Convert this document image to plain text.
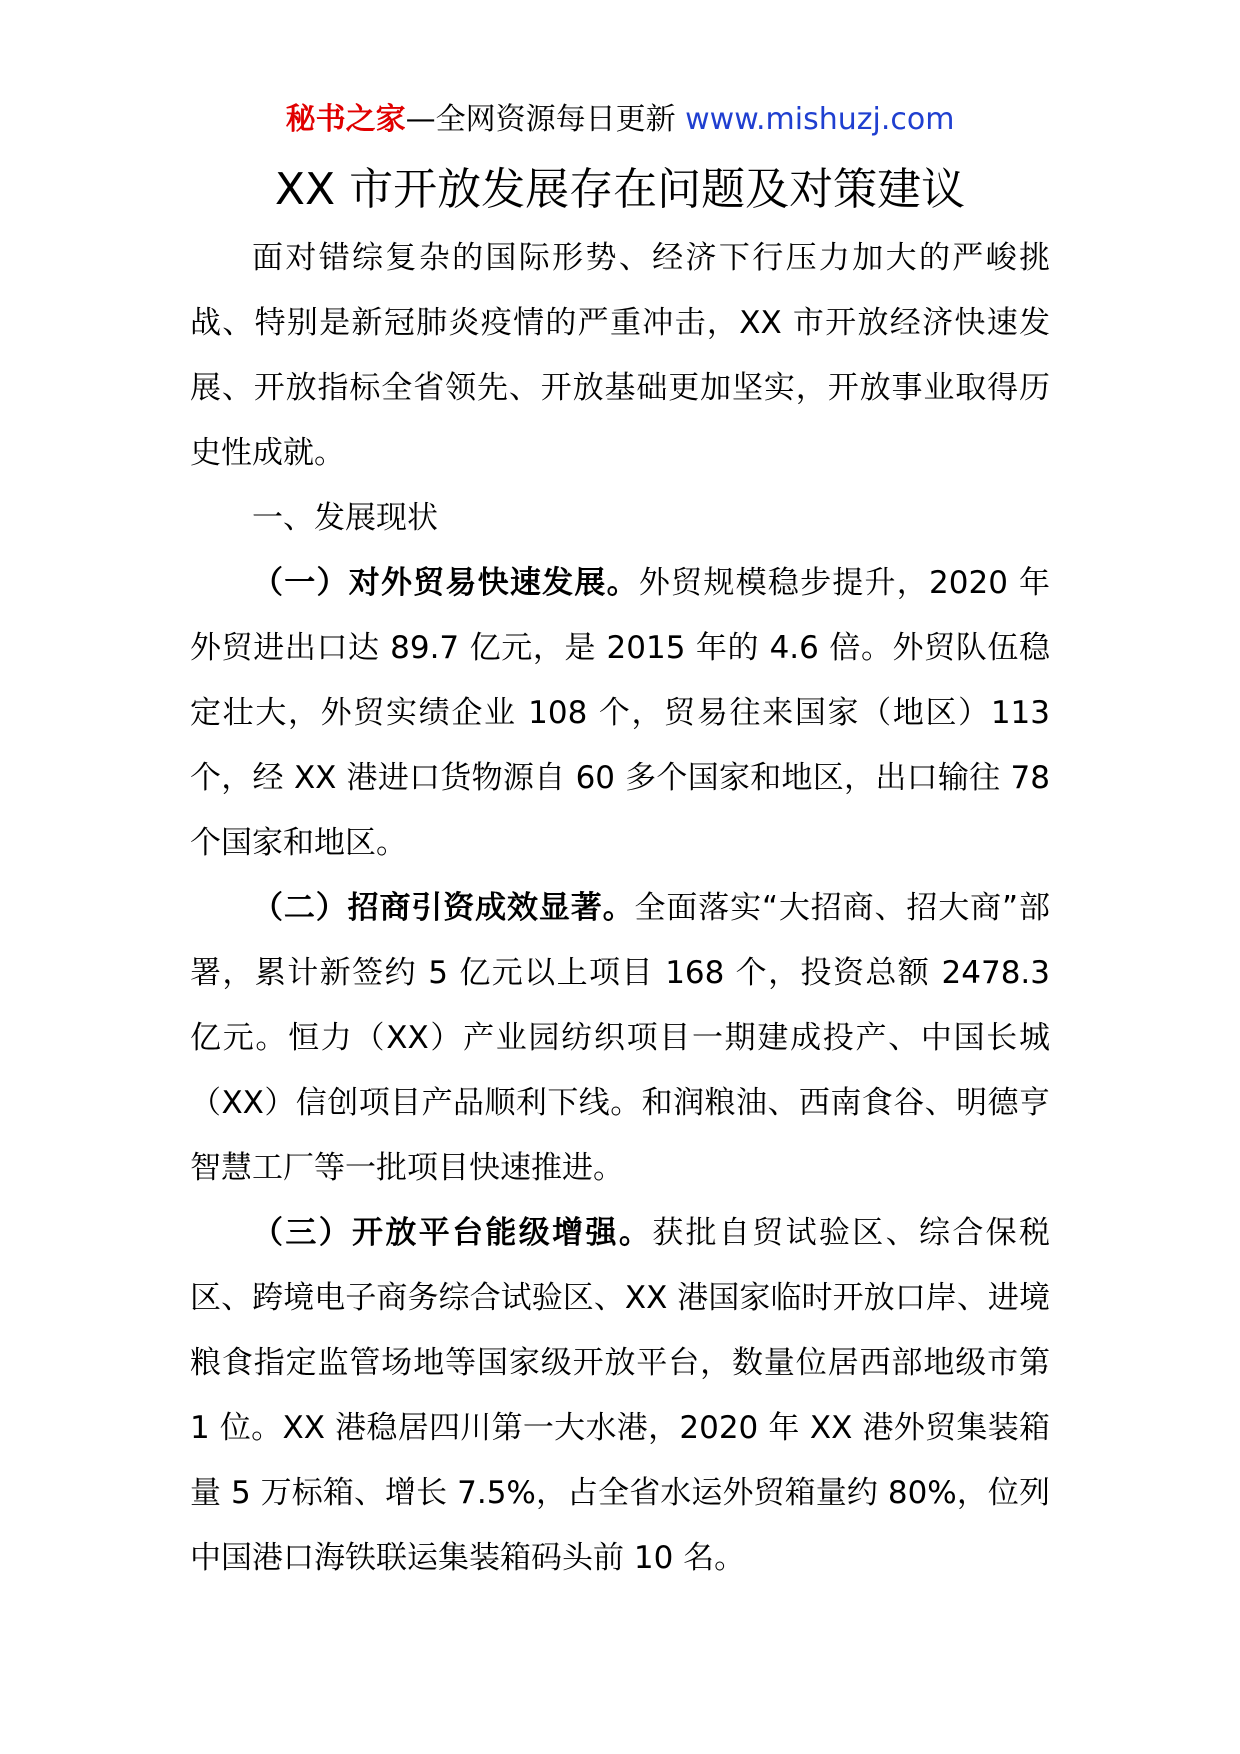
秘书之家—全网资源每日更新 www.mishuzj.com
XX 市开放发展存在问题及对策建议

面对错综复杂的国际形势、经济下行压力加大的严峻挑战、特别是新冠肺炎疫情的严重冲击，XX 市开放经济快速发展、开放指标全省领先、开放基础更加坚实，开放事业取得历史性成就。

一、发展现状

（一）对外贸易快速发展。外贸规模稳步提升，2020 年外贸进出口达 89.7 亿元，是 2015 年的 4.6 倍。外贸队伍稳定壮大，外贸实绩企业 108 个，贸易往来国家（地区）113 个，经 XX 港进口货物源自 60 多个国家和地区，出口输往 78 个国家和地区。

（二）招商引资成效显著。全面落实“大招商、招大商”部署，累计新签约 5 亿元以上项目 168 个，投资总额 2478.3 亿元。恒力（XX）产业园纺织项目一期建成投产、中国长城（XX）信创项目产品顺利下线。和润粮油、西南食谷、明德亨智慧工厂等一批项目快速推进。

（三）开放平台能级增强。获批自贸试验区、综合保税区、跨境电子商务综合试验区、XX 港国家临时开放口岸、进境粮食指定监管场地等国家级开放平台，数量位居西部地级市第 1 位。XX 港稳居四川第一大水港，2020 年 XX 港外贸集装箱量 5 万标箱、增长 7.5%，占全省水运外贸箱量约 80%，位列中国港口海铁联运集装箱码头前 10 名。
